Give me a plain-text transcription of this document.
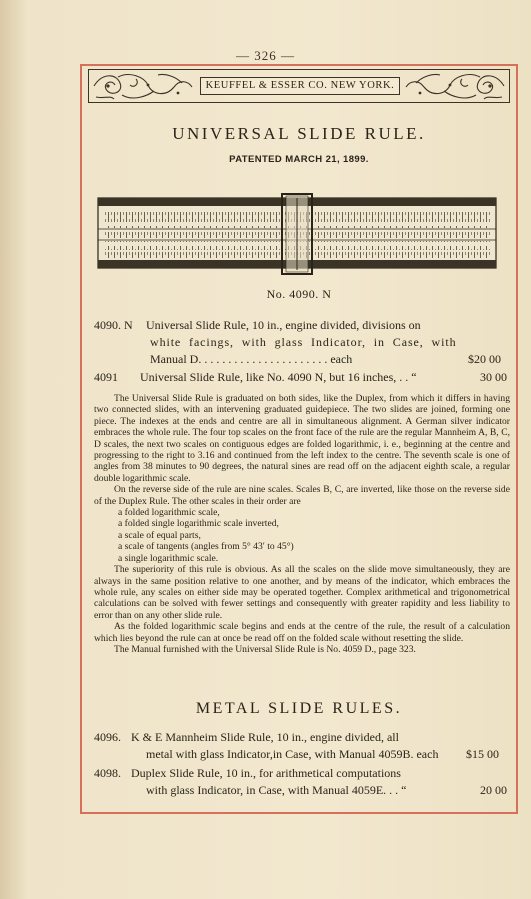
— 326 —
KEUFFEL & ESSER CO. NEW YORK.
UNIVERSAL SLIDE RULE.
PATENTED MARCH 21, 1899.
No. 4090. N
4090. N Universal Slide Rule, 10 in., engine divided, divisions on
white facings, with glass Indicator, in Case, with
Manual D. . . . . . . . . . . . . . . . . . . . . . each	$20 00
4091 Universal Slide Rule, like No. 4090 N, but 16 inches, . . “	30 00

The Universal Slide Rule is graduated on both sides, like the Duplex, from which it differs in having two connected slides, with an intervening graduated guidepiece. The two slides are joined, forming one piece. The indexes at the ends and centre are all in simultaneous alignment. A German silver indicator embraces the whole rule. The four top scales on the front face of the rule are the regular Mannheim A, B, C, D scales, the next two scales on contiguous edges are folded logarithmic, i. e., beginning at the centre and progressing to the right to 3.16 and continued from the left index to the centre. The seventh scale is one of angles from 38 minutes to 90 degrees, the natural sines are read off on the adjacent eighth scale, a regular double logarithmic scale.

On the reverse side of the rule are nine scales. Scales B, C, are inverted, like those on the reverse side of the Duplex Rule. The other scales in their order are

a folded logarithmic scale,
a folded single logarithmic scale inverted,
a scale of equal parts,
a scale of tangents (angles from 5° 43′ to 45°)
a single logarithmic scale.

The superiority of this rule is obvious. As all the scales on the slide move simultaneously, they are always in the same position relative to one another, and by means of the indicator, which embraces the whole rule, any scales on either side may be operated together. Complex arithmetical and trigonometrical calculations can be solved with fewer settings and consequently with greater rapidity and less liability to error than on any other slide rule.

As the folded logarithmic scale begins and ends at the centre of the rule, the result of a calculation which lies beyond the rule can at once be read off on the folded scale without resetting the slide.

The Manual furnished with the Universal Slide Rule is No. 4059 D., page 323.

METAL SLIDE RULES.
4096. K & E Mannheim Slide Rule, 10 in., engine divided, all
metal with glass Indicator,in Case, with Manual 4059B. each $15 00
4098. Duplex Slide Rule, 10 in., for arithmetical computations
with glass Indicator, in Case, with Manual 4059E. . . “	20 00
